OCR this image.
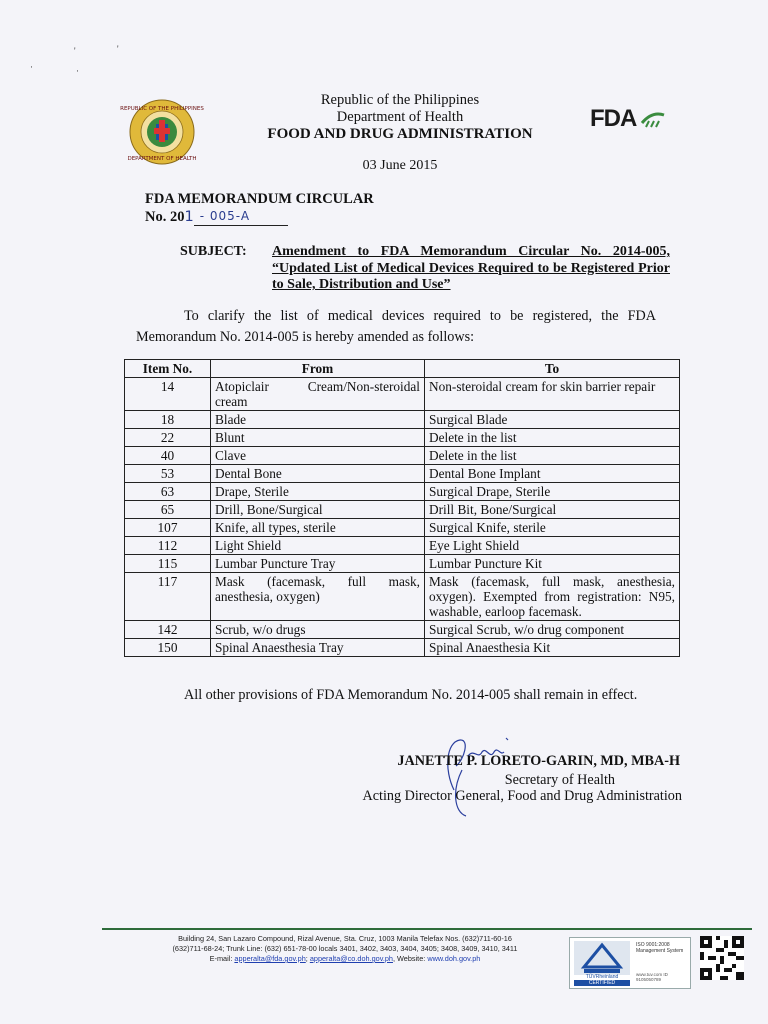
'	'
·	·
REPUBLIC OF THE PHILIPPINES
DEPARTMENT OF HEALTH
FDA
Republic of the Philippines
Department of Health
FOOD AND DRUG ADMINISTRATION
03 June 2015
FDA MEMORANDUM CIRCULAR
No. 20 1 - 005-A
SUBJECT: Amendment to FDA Memorandum Circular No. 2014-005, “Updated List of Medical Devices Required to be Registered Prior to Sale, Distribution and Use”
To clarify the list of medical devices required to be registered, the FDA Memorandum No. 2014-005 is hereby amended as follows:
Item No.	From	To
14	Atopiclair Cream/Non-steroidal cream	Non-steroidal cream for skin barrier repair
18	Blade	Surgical Blade
22	Blunt	Delete in the list
40	Clave	Delete in the list
53	Dental Bone	Dental Bone Implant
63	Drape, Sterile	Surgical Drape, Sterile
65	Drill, Bone/Surgical	Drill Bit, Bone/Surgical
107	Knife, all types, sterile	Surgical Knife, sterile
112	Light Shield	Eye Light Shield
115	Lumbar Puncture Tray	Lumbar Puncture Kit
117	Mask (facemask, full mask, anesthesia, oxygen)	Mask (facemask, full mask, anesthesia, oxygen). Exempted from registration: N95, washable, earloop facemask.
142	Scrub, w/o drugs	Surgical Scrub, w/o drug component
150	Spinal Anaesthesia Tray	Spinal Anaesthesia Kit
All other provisions of FDA Memorandum No. 2014-005 shall remain in effect.
JANETTE P. LORETO-GARIN, MD, MBA-H
Secretary of Health
Acting Director General, Food and Drug Administration
Building 24, San Lazaro Compound, Rizal Avenue, Sta. Cruz, 1003 Manila Telefax Nos. (632)711-60-16
(632)711-68-24; Trunk Line: (632) 651-78-00 locals 3401, 3402, 3403, 3404, 3405; 3408, 3409, 3410, 3411
E-mail: apperalta@fda.gov.ph; apperalta@co.doh.gov.ph, Website: www.doh.gov.ph
TÜVRheinland
CERTIFIED
ISO 9001:2008 Management System
www.tuv.com ID 9105050789
